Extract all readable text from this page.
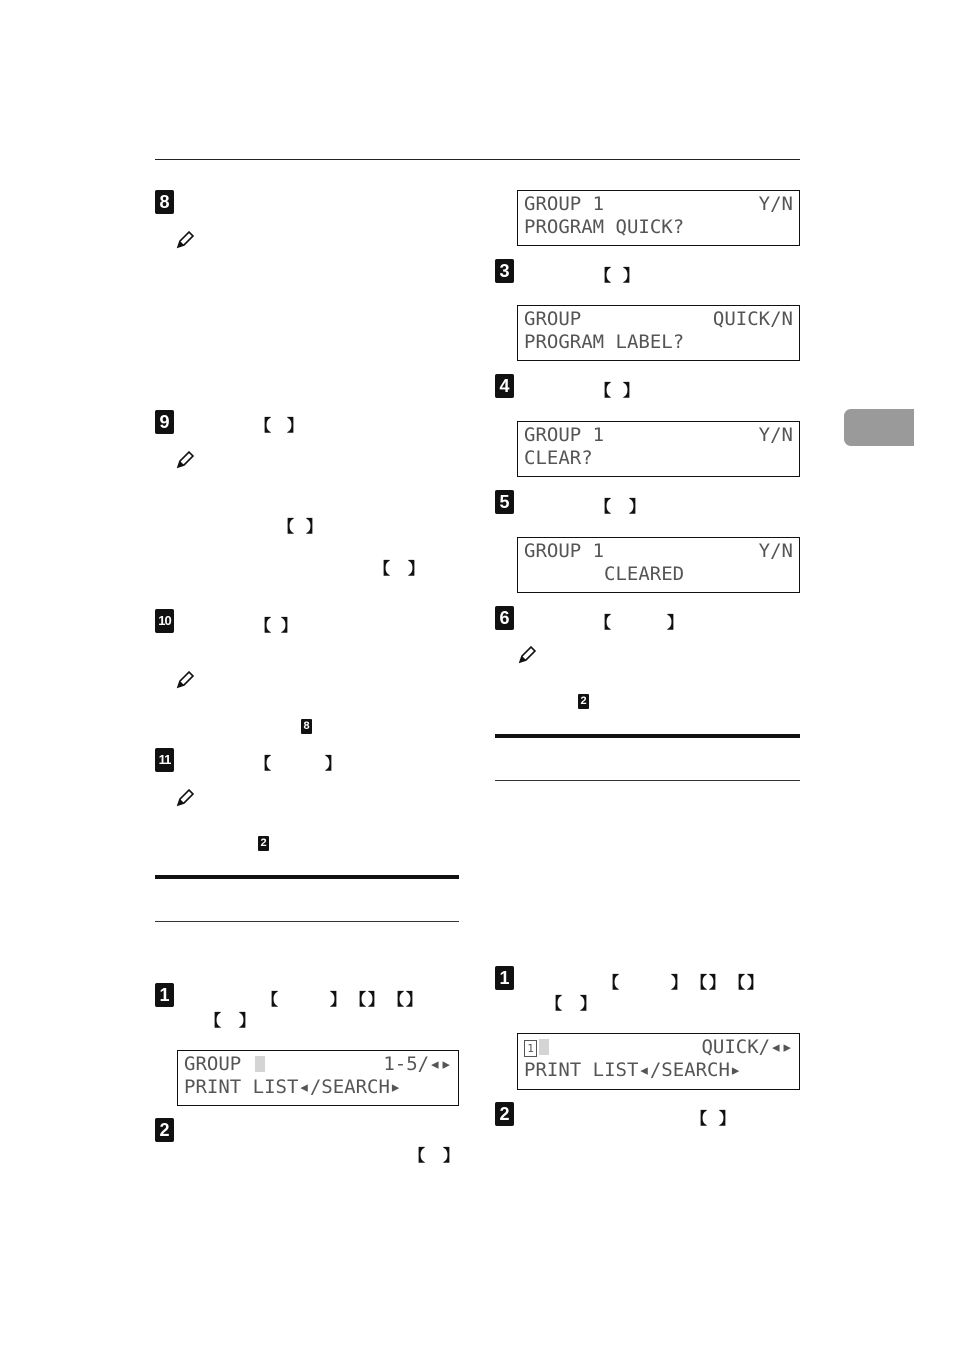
8
9	【 】
【 】
【 】
10	【 】
8
11	【	】
2
1	【	】 【 】 【 】
【 】
GROUP	1-5/◂▸
PRINT LIST◂/SEARCH▸
2
【 】
GROUP 1	Y/N
PROGRAM QUICK?
3	【 】
GROUP	QUICK/N
PROGRAM LABEL?
4	【 】
GROUP 1	Y/N
CLEAR?
5	【 】
GROUP 1	Y/N
CLEARED
6	【	】
2
1	【	】 【 】 【 】
【 】
1	QUICK/◂▸
PRINT LIST◂/SEARCH▸
2	【 】
